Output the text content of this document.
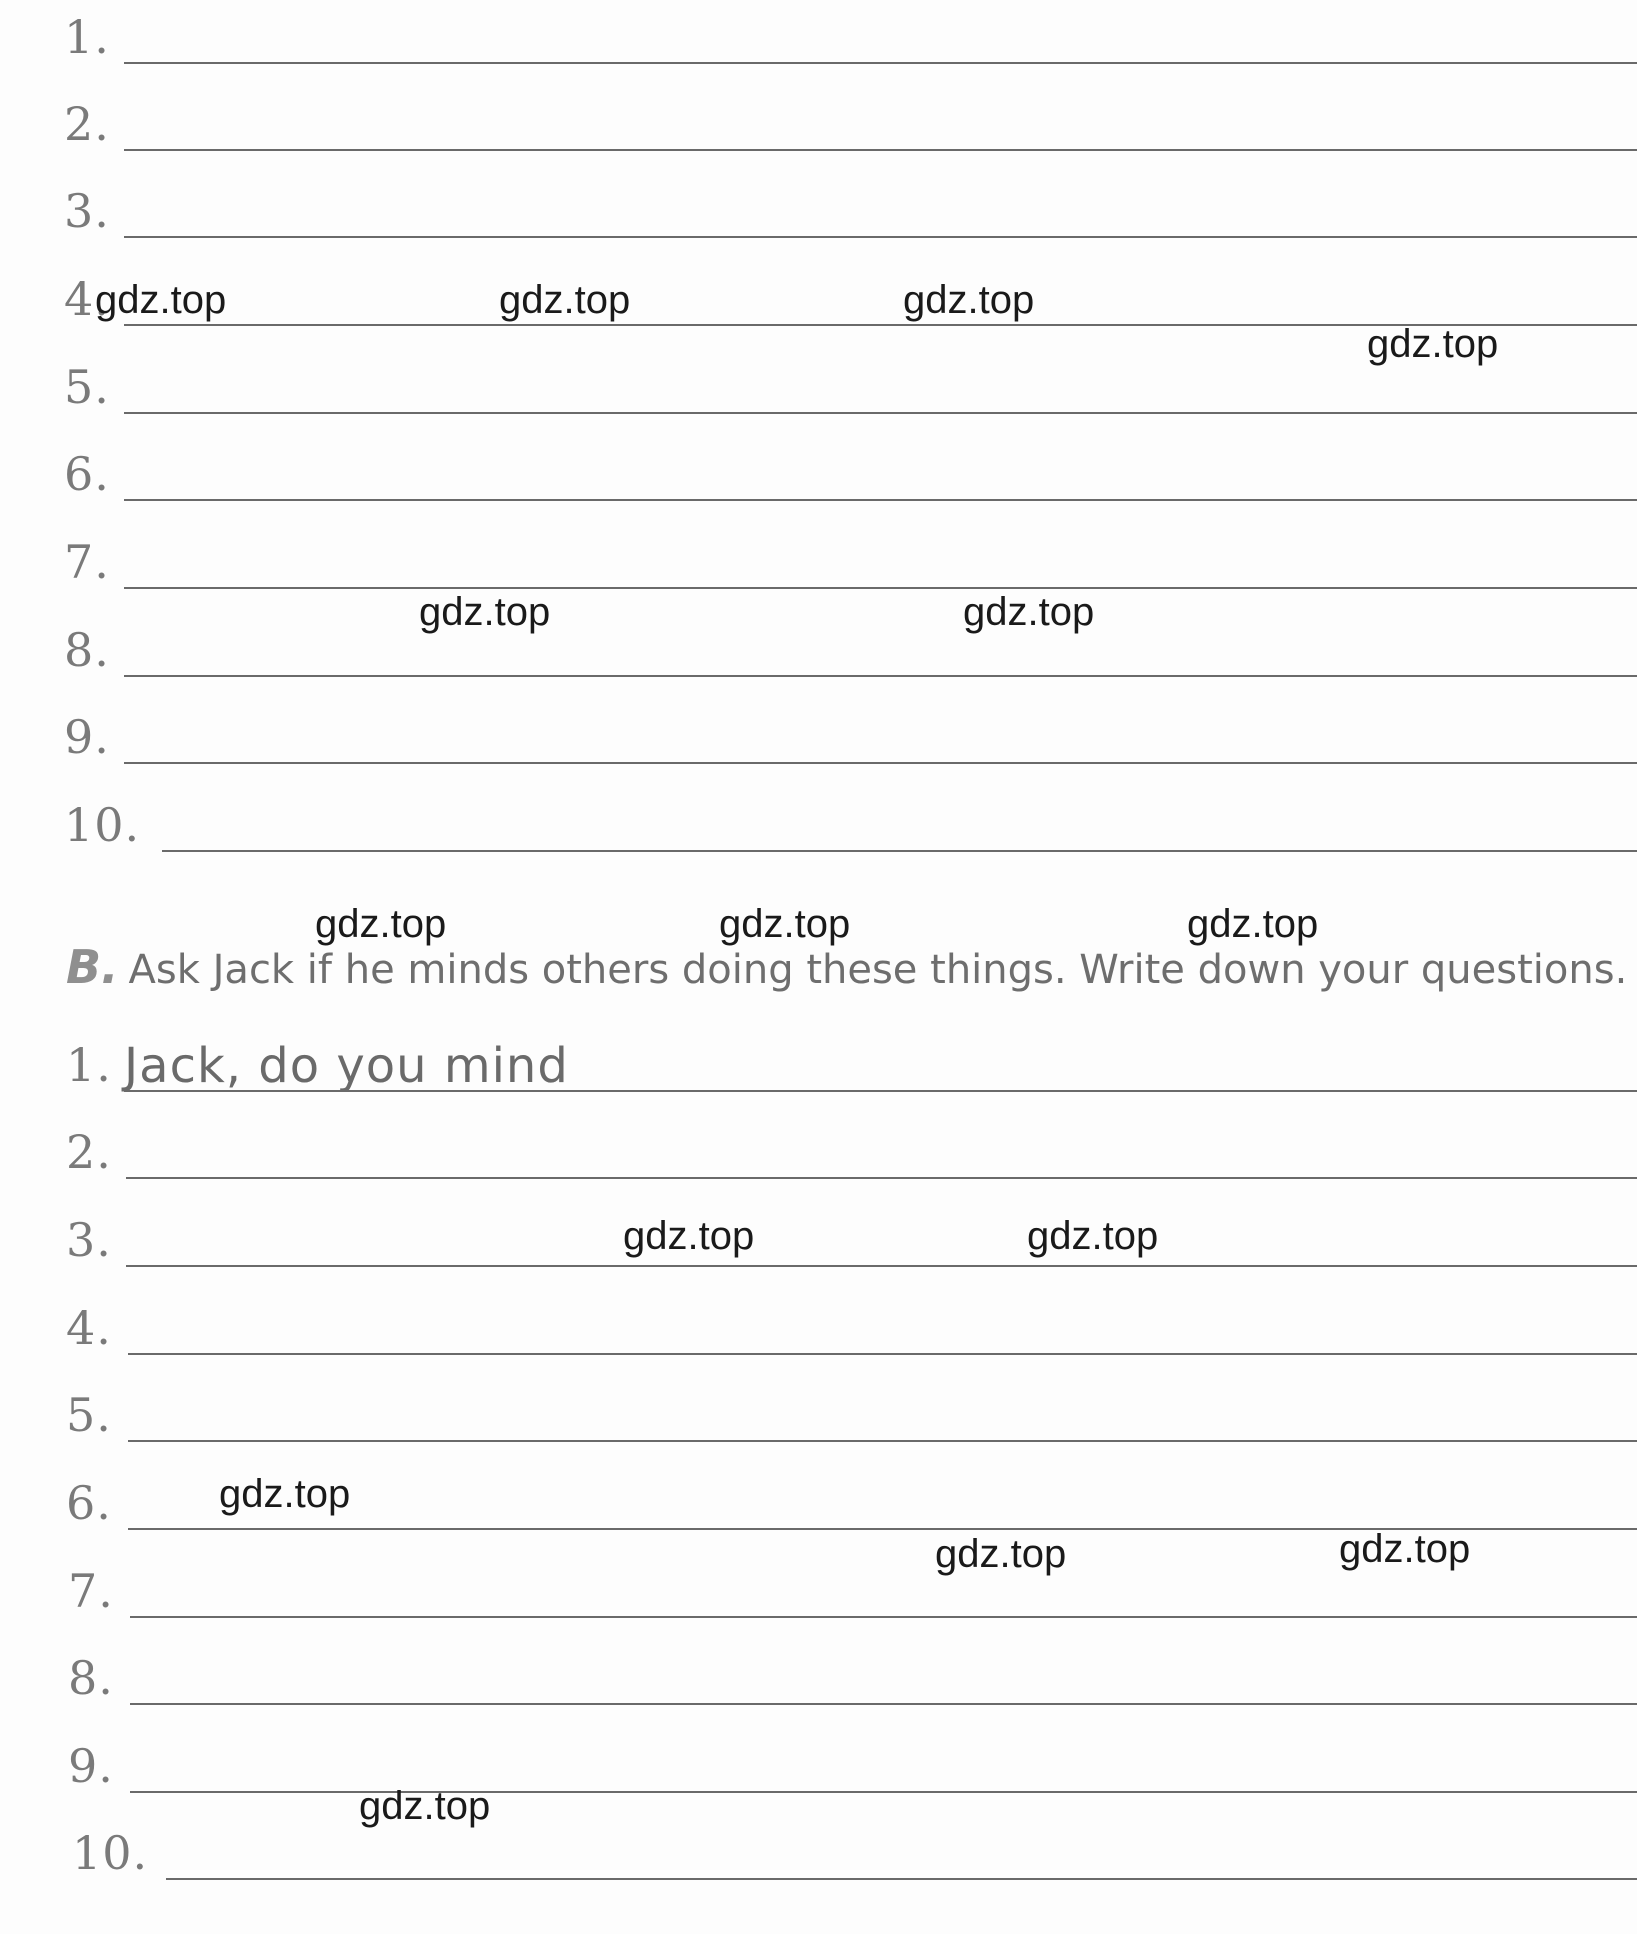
1.
2.
3.
4.
5.
6.
7.
8.
9.
10.
B. Ask Jack if he minds others doing these things. Write down your questions.
1. Jack, do you mind
2.
3.
4.
5.
6.
7.
8.
9.
10.
gdz.top	gdz.top	gdz.top
gdz.top
gdz.top	gdz.top
gdz.top	gdz.top	gdz.top
gdz.top	gdz.top
gdz.top
gdz.top	gdz.top
gdz.top
